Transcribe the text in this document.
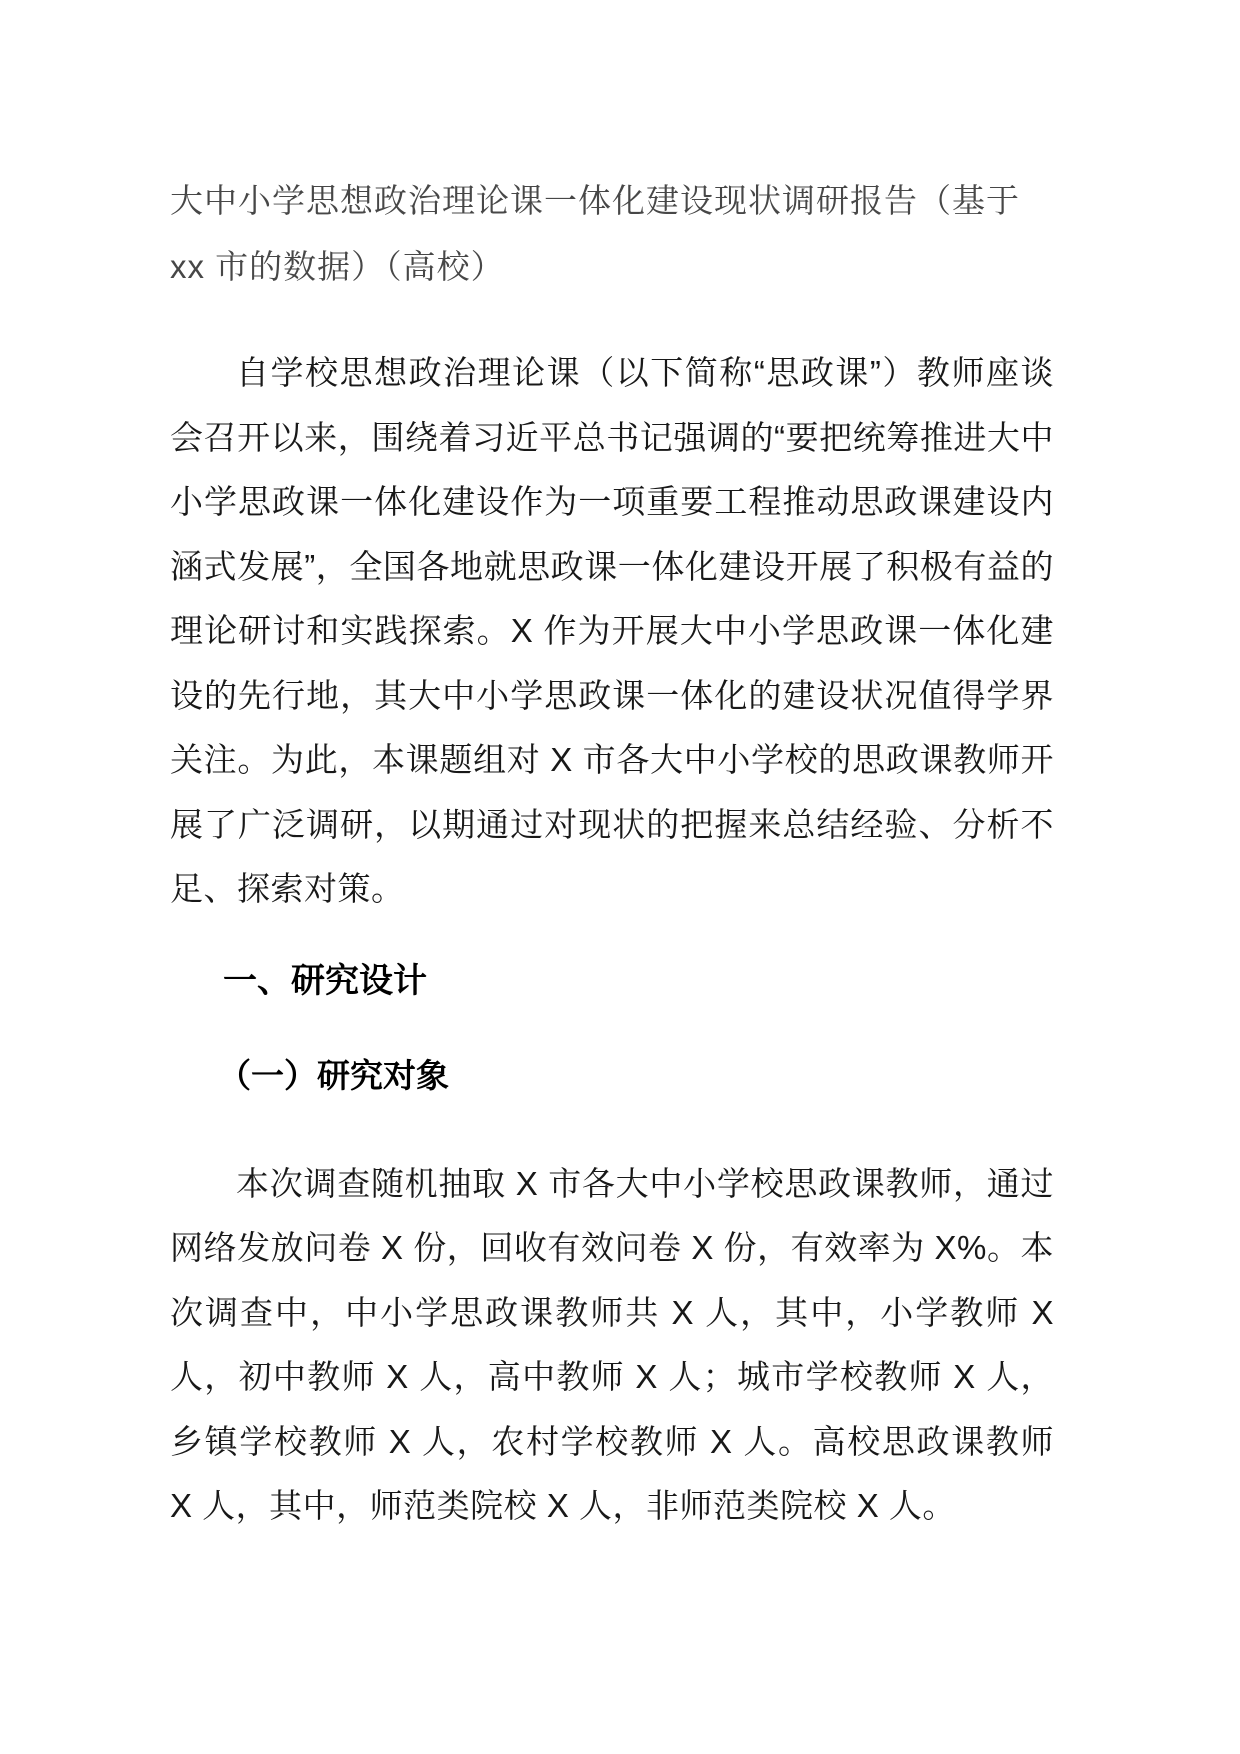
大中小学思想政治理论课一体化建设现状调研报告（基于xx 市的数据）（高校）

自学校思想政治理论课（以下简称“思政课”）教师座谈会召开以来，围绕着习近平总书记强调的“要把统筹推进大中小学思政课一体化建设作为一项重要工程推动思政课建设内涵式发展”，全国各地就思政课一体化建设开展了积极有益的理论研讨和实践探索。X 作为开展大中小学思政课一体化建设的先行地，其大中小学思政课一体化的建设状况值得学界关注。为此，本课题组对 X 市各大中小学校的思政课教师开展了广泛调研，以期通过对现状的把握来总结经验、分析不足、探索对策。

一、研究设计
（一）研究对象

本次调查随机抽取 X 市各大中小学校思政课教师，通过网络发放问卷 X 份，回收有效问卷 X 份，有效率为 X%。本次调查中，中小学思政课教师共 X 人，其中，小学教师 X 人，初中教师 X 人，高中教师 X 人；城市学校教师 X 人，乡镇学校教师 X 人，农村学校教师 X 人。高校思政课教师 X 人，其中，师范类院校 X 人，非师范类院校 X 人。
